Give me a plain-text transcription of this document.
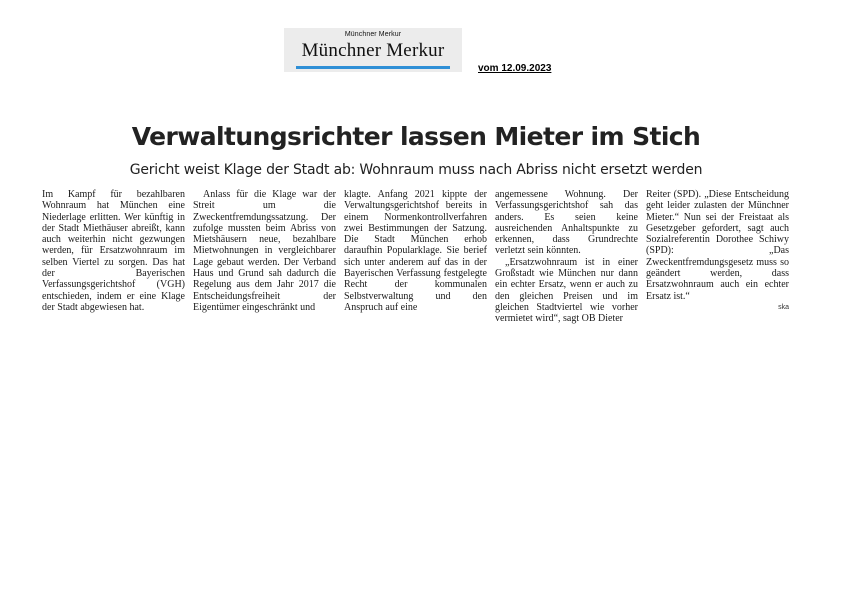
Münchner Merkur
Münchner Merkur
vom 12.09.2023
Verwaltungsrichter lassen Mieter im Stich
Gericht weist Klage der Stadt ab: Wohnraum muss nach Abriss nicht ersetzt werden

Im Kampf für bezahlbaren Wohnraum hat München eine Niederlage erlitten. Wer künftig in der Stadt Miethäuser abreißt, kann auch weiterhin nicht gezwungen werden, für Ersatzwohnraum im selben Viertel zu sorgen. Das hat der Bayerischen Verfassungsgerichtshof (VGH) entschieden, indem er eine Klage der Stadt abgewiesen hat.

Anlass für die Klage war der Streit um die Zweckentfremdungssatzung. Der zufolge mussten beim Abriss von Mietshäusern neue, bezahlbare Mietwohnungen in vergleichbarer Lage gebaut werden. Der Verband Haus und Grund sah dadurch die Regelung aus dem Jahr 2017 die Entscheidungsfreiheit der Eigentümer eingeschränkt und

klagte. Anfang 2021 kippte der Verwaltungsgerichtshof bereits in einem Normenkontrollverfahren zwei Bestimmungen der Satzung. Die Stadt München erhob daraufhin Popularklage. Sie berief sich unter anderem auf das in der Bayerischen Verfassung festgelegte Recht der kommunalen Selbstverwaltung und den Anspruch auf eine

angemessene Wohnung. Der Verfassungsgerichtshof sah das anders. Es seien keine ausreichenden Anhaltspunkte zu erkennen, dass Grundrechte verletzt sein könnten.

„Ersatzwohnraum ist in einer Großstadt wie München nur dann ein echter Ersatz, wenn er auch zu den gleichen Preisen und im gleichen Stadtviertel wie vorher vermietet wird“, sagt OB Dieter

Reiter (SPD). „Diese Entscheidung geht leider zulasten der Münchner Mieter.“ Nun sei der Freistaat als Gesetzgeber gefordert, sagt auch Sozialreferentin Dorothee Schiwy (SPD): „Das Zweckentfremdungsgesetz muss so geändert werden, dass Ersatzwohnraum auch ein echter Ersatz ist.“

ska
